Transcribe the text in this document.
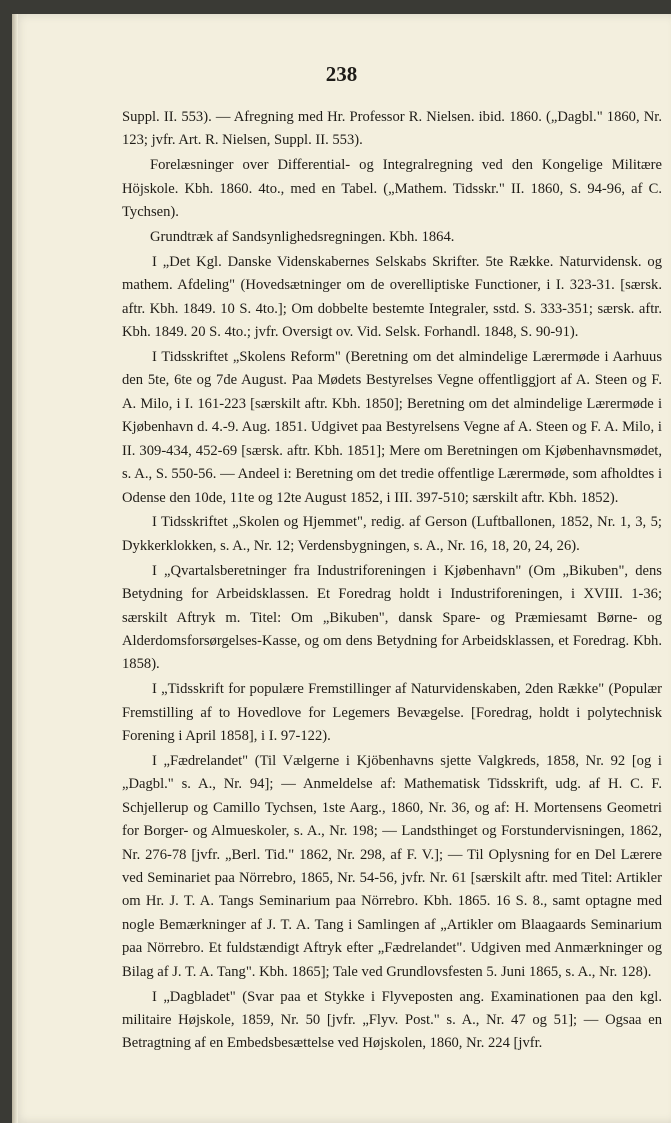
238

Suppl. II. 553). — Afregning med Hr. Professor R. Nielsen. ibid. 1860. („Dagbl." 1860, Nr. 123; jvfr. Art. R. Nielsen, Suppl. II. 553).

Forelæsninger over Differential- og Integralregning ved den Kongelige Militære Höjskole. Kbh. 1860. 4to., med en Tabel. („Mathem. Tidsskr." II. 1860, S. 94-96, af C. Tychsen).

Grundtræk af Sandsynlighedsregningen. Kbh. 1864.

I „Det Kgl. Danske Videnskabernes Selskabs Skrifter. 5te Række. Naturvidensk. og mathem. Afdeling" (Hovedsætninger om de overelliptiske Functioner, i I. 323-31. [særsk. aftr. Kbh. 1849. 10 S. 4to.]; Om dobbelte bestemte Integraler, sstd. S. 333-351; særsk. aftr. Kbh. 1849. 20 S. 4to.; jvfr. Oversigt ov. Vid. Selsk. Forhandl. 1848, S. 90-91).

I Tidsskriftet „Skolens Reform" (Beretning om det almindelige Lærermøde i Aarhuus den 5te, 6te og 7de August. Paa Mødets Bestyrelses Vegne offentliggjort af A. Steen og F. A. Milo, i I. 161-223 [særskilt aftr. Kbh. 1850]; Beretning om det almindelige Lærermøde i Kjøbenhavn d. 4.-9. Aug. 1851. Udgivet paa Bestyrelsens Vegne af A. Steen og F. A. Milo, i II. 309-434, 452-69 [særsk. aftr. Kbh. 1851]; Mere om Beretningen om Kjøbenhavnsmødet, s. A., S. 550-56. — Andeel i: Beretning om det tredie offentlige Lærermøde, som afholdtes i Odense den 10de, 11te og 12te August 1852, i III. 397-510; særskilt aftr. Kbh. 1852).

I Tidsskriftet „Skolen og Hjemmet", redig. af Gerson (Luftballonen, 1852, Nr. 1, 3, 5; Dykkerklokken, s. A., Nr. 12; Verdensbygningen, s. A., Nr. 16, 18, 20, 24, 26).

I „Qvartalsberetninger fra Industriforeningen i Kjøbenhavn" (Om „Bikuben", dens Betydning for Arbeidsklassen. Et Foredrag holdt i Industriforeningen, i XVIII. 1-36; særskilt Aftryk m. Titel: Om „Bikuben", dansk Spare- og Præmiesamt Børne- og Alderdomsforsørgelses-Kasse, og om dens Betydning for Arbeidsklassen, et Foredrag. Kbh. 1858).

I „Tidsskrift for populære Fremstillinger af Naturvidenskaben, 2den Række" (Populær Fremstilling af to Hovedlove for Legemers Bevægelse. [Foredrag, holdt i polytechnisk Forening i April 1858], i I. 97-122).

I „Fædrelandet" (Til Vælgerne i Kjöbenhavns sjette Valgkreds, 1858, Nr. 92 [og i „Dagbl." s. A., Nr. 94]; — Anmeldelse af: Mathematisk Tidsskrift, udg. af H. C. F. Schjellerup og Camillo Tychsen, 1ste Aarg., 1860, Nr. 36, og af: H. Mortensens Geometri for Borger- og Almueskoler, s. A., Nr. 198; — Landsthinget og Forstundervisningen, 1862, Nr. 276-78 [jvfr. „Berl. Tid." 1862, Nr. 298, af F. V.]; — Til Oplysning for en Del Lærere ved Seminariet paa Nörrebro, 1865, Nr. 54-56, jvfr. Nr. 61 [særskilt aftr. med Titel: Artikler om Hr. J. T. A. Tangs Seminarium paa Nörrebro. Kbh. 1865. 16 S. 8., samt optagne med nogle Bemærkninger af J. T. A. Tang i Samlingen af „Artikler om Blaagaards Seminarium paa Nörrebro. Et fuldstændigt Aftryk efter „Fædrelandet". Udgiven med Anmærkninger og Bilag af J. T. A. Tang". Kbh. 1865]; Tale ved Grundlovsfesten 5. Juni 1865, s. A., Nr. 128).

I „Dagbladet" (Svar paa et Stykke i Flyveposten ang. Examinationen paa den kgl. militaire Højskole, 1859, Nr. 50 [jvfr. „Flyv. Post." s. A., Nr. 47 og 51]; — Ogsaa en Betragtning af en Embedsbesættelse ved Højskolen, 1860, Nr. 224 [jvfr.
